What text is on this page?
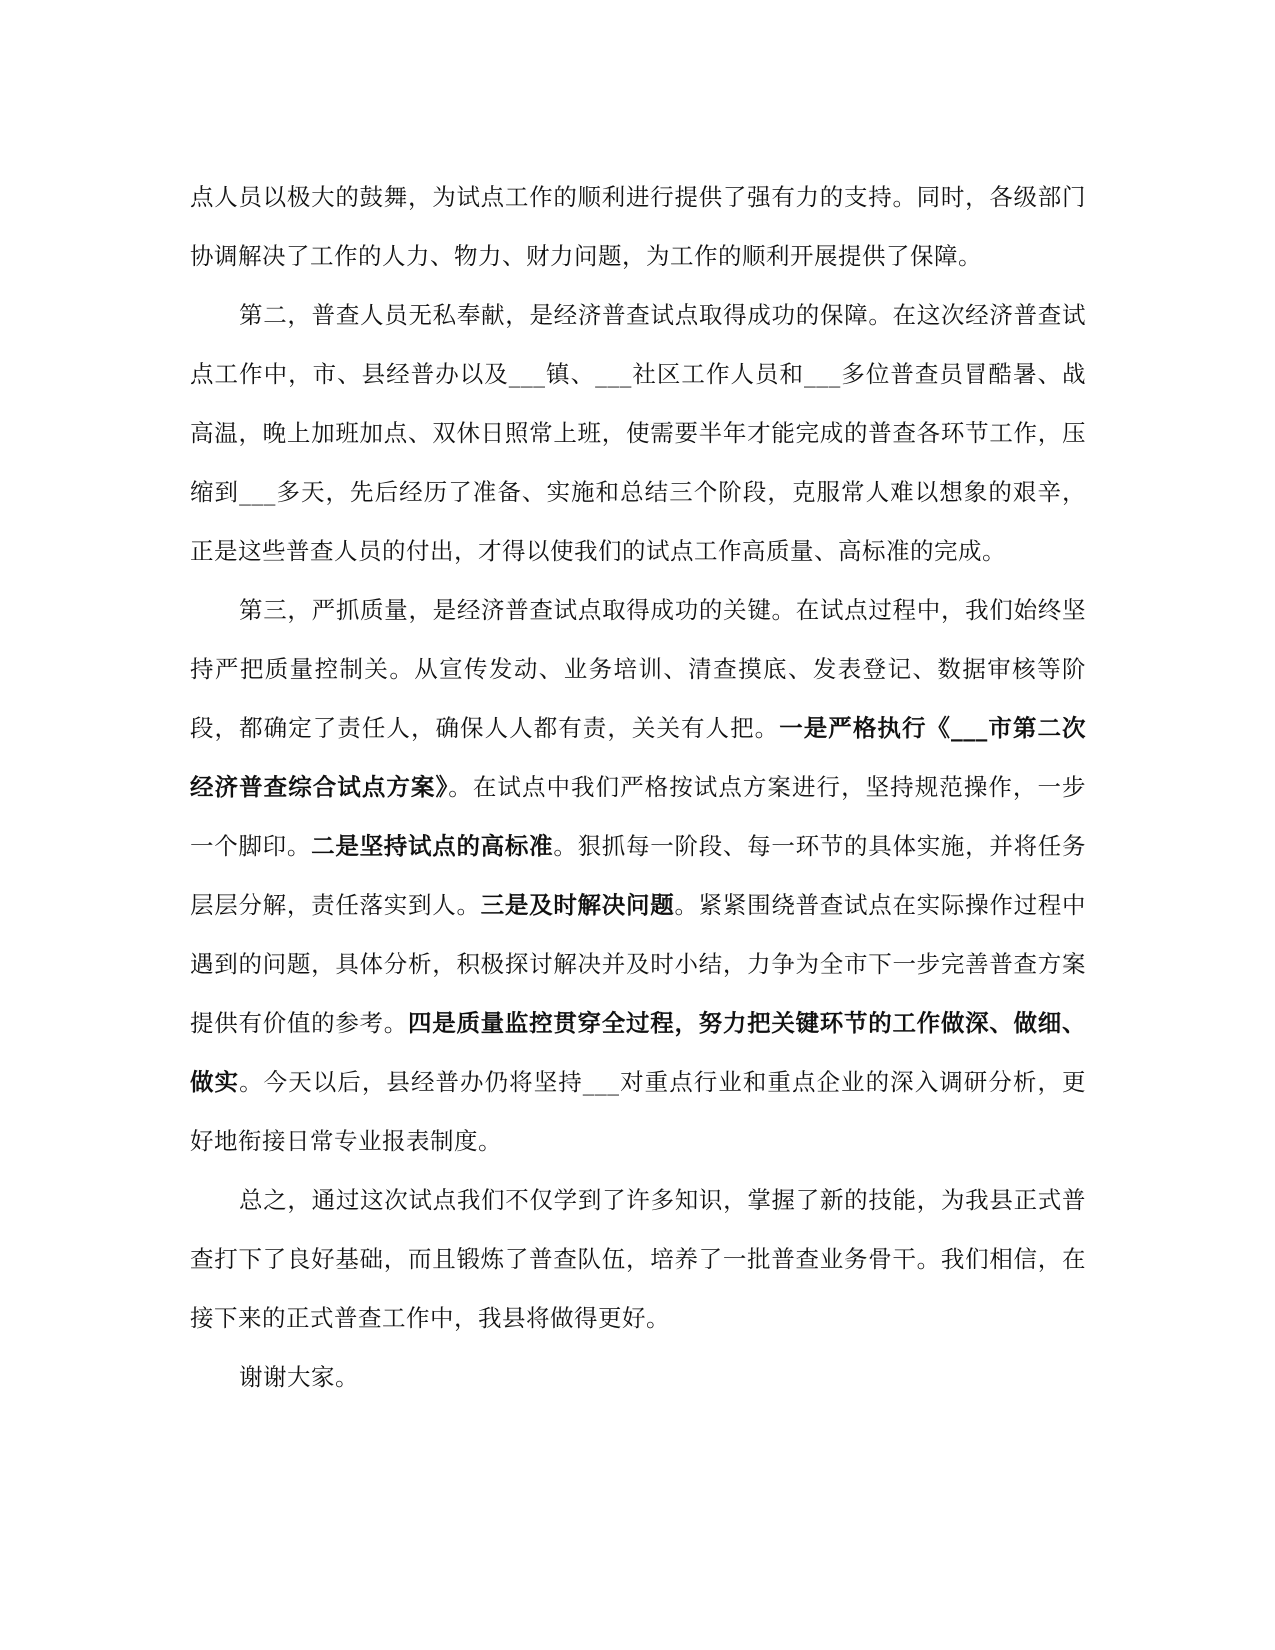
点人员以极大的鼓舞，为试点工作的顺利进行提供了强有力的支持。同时，各级部门协调解决了工作的人力、物力、财力问题，为工作的顺利开展提供了保障。

第二，普查人员无私奉献，是经济普查试点取得成功的保障。在这次经济普查试点工作中，市、县经普办以及___镇、___社区工作人员和___多位普查员冒酷暑、战高温，晚上加班加点、双休日照常上班，使需要半年才能完成的普查各环节工作，压缩到___多天，先后经历了准备、实施和总结三个阶段，克服常人难以想象的艰辛，正是这些普查人员的付出，才得以使我们的试点工作高质量、高标准的完成。

第三，严抓质量，是经济普查试点取得成功的关键。在试点过程中，我们始终坚持严把质量控制关。从宣传发动、业务培训、清查摸底、发表登记、数据审核等阶段，都确定了责任人，确保人人都有责，关关有人把。一是严格执行《___市第二次经济普查综合试点方案》。在试点中我们严格按试点方案进行，坚持规范操作，一步一个脚印。二是坚持试点的高标准。狠抓每一阶段、每一环节的具体实施，并将任务层层分解，责任落实到人。三是及时解决问题。紧紧围绕普查试点在实际操作过程中遇到的问题，具体分析，积极探讨解决并及时小结，力争为全市下一步完善普查方案提供有价值的参考。四是质量监控贯穿全过程，努力把关键环节的工作做深、做细、做实。今天以后，县经普办仍将坚持___对重点行业和重点企业的深入调研分析，更好地衔接日常专业报表制度。

总之，通过这次试点我们不仅学到了许多知识，掌握了新的技能，为我县正式普查打下了良好基础，而且锻炼了普查队伍，培养了一批普查业务骨干。我们相信，在接下来的正式普查工作中，我县将做得更好。

谢谢大家。
